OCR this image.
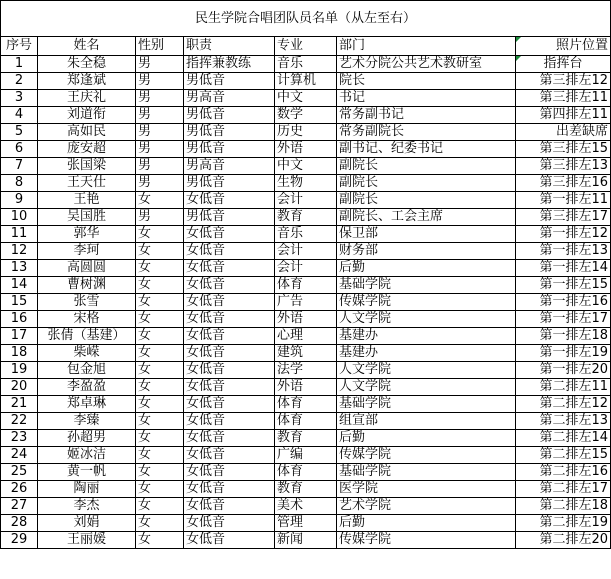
民生学院合唱团队员名单（从左至右）						
序号	姓名	性别	职责	专业	部门	照片位置
1	朱全稳	男	指挥兼教练	音乐	艺术分院公共艺术教研室	指挥台
2	郑逢斌	男	男低音	计算机	院长	第三排左12
3	王庆礼	男	男高音	中文	书记	第三排左11
4	刘道衔	男	男低音	数学	常务副书记	第四排左11
5	高如民	男	男低音	历史	常务副院长	出差缺席
6	庞安超	男	男低音	外语	副书记、纪委书记	第三排左15
7	张国梁	男	男高音	中文	副院长	第三排左13
8	王天仕	男	男低音	生物	副院长	第三排左16
9	王艳	女	女低音	会计	副院长	第一排左11
10	吴国胜	男	男低音	教育	副院长、工会主席	第三排左17
11	郭华	女	女低音	音乐	保卫部	第一排左12
12	李珂	女	女低音	会计	财务部	第一排左13
13	高圆圆	女	女低音	会计	后勤	第一排左14
14	曹树渊	女	女低音	体育	基础学院	第一排左15
15	张雪	女	女低音	广告	传媒学院	第一排左16
16	宋格	女	女低音	外语	人文学院	第一排左17
17	张倩（基建）	女	女低音	心理	基建办	第一排左18
18	柴嵘	女	女低音	建筑	基建办	第一排左19
19	包金旭	女	女低音	法学	人文学院	第一排左20
20	李盈盈	女	女低音	外语	人文学院	第二排左11
21	郑卓琳	女	女低音	体育	基础学院	第二排左12
22	李臻	女	女低音	体育	组宣部	第二排左13
23	孙超男	女	女低音	教育	后勤	第二排左14
24	姬冰洁	女	女低音	广编	传媒学院	第二排左15
25	黄一帆	女	女低音	体育	基础学院	第二排左16
26	陶丽	女	女低音	教育	医学院	第二排左17
27	李杰	女	女低音	美术	艺术学院	第二排左18
28	刘娟	女	女低音	管理	后勤	第二排左19
29	王丽媛	女	女低音	新闻	传媒学院	第二排左20
